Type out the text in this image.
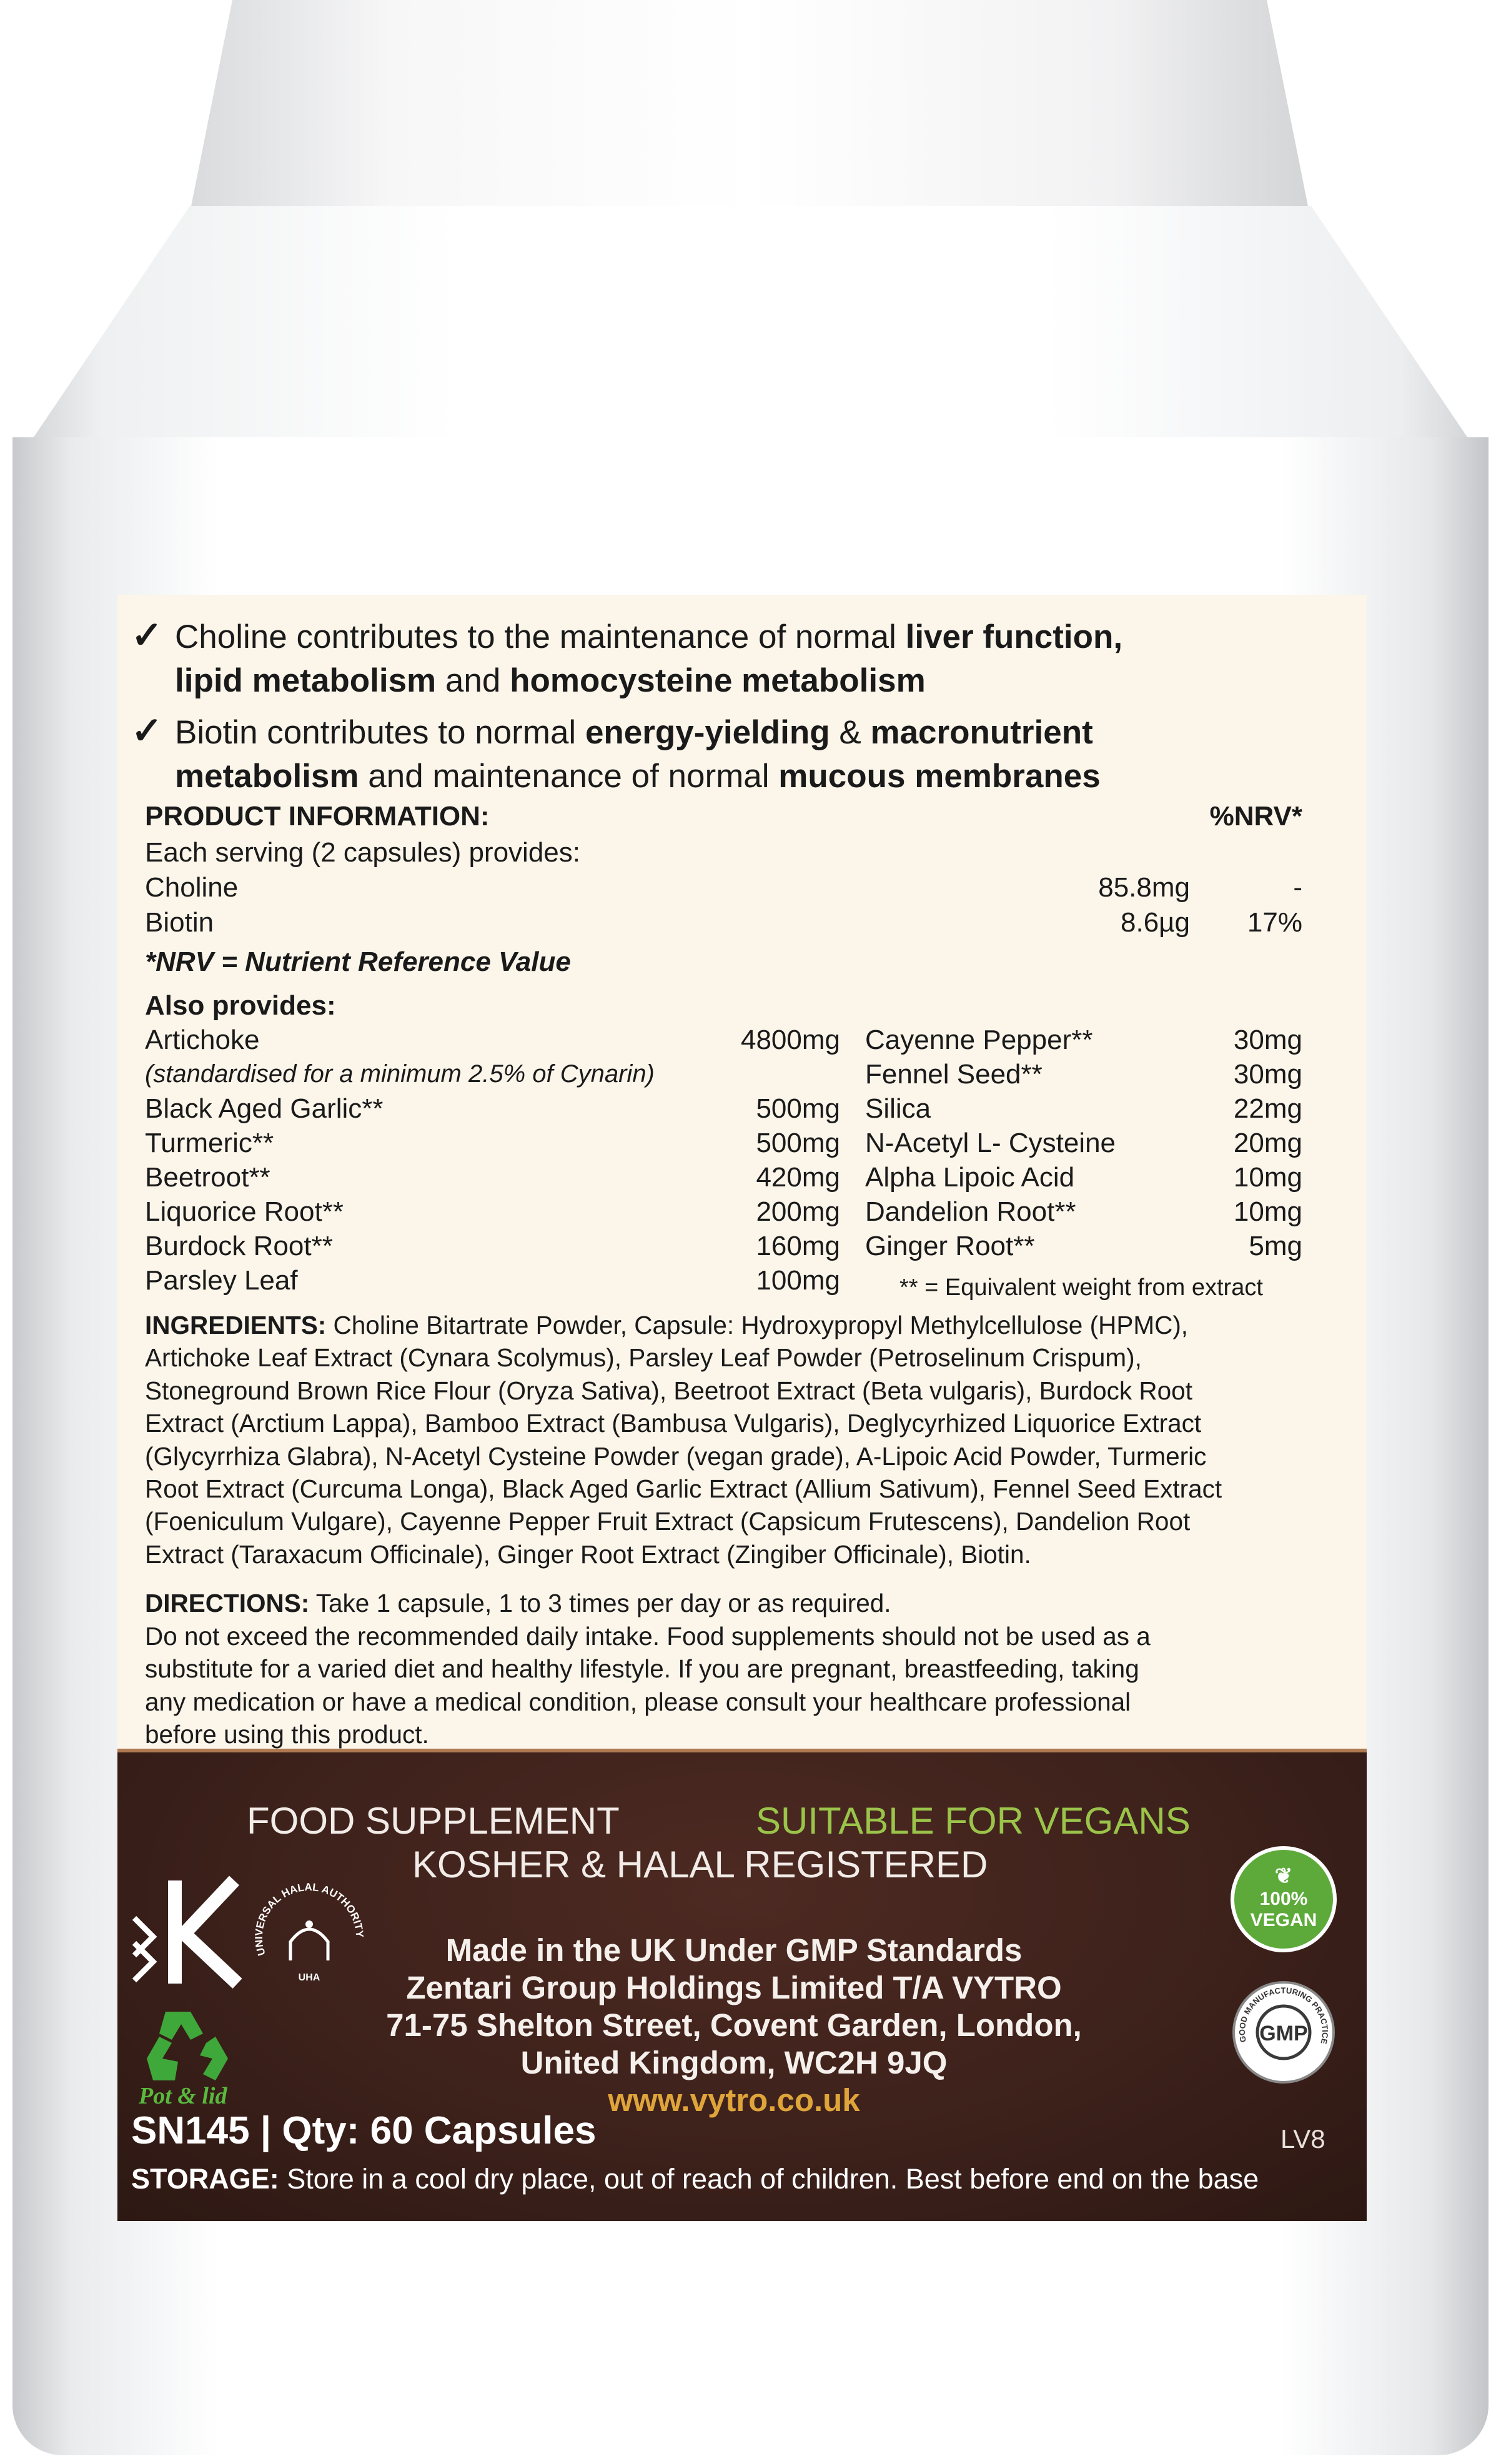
✓ Choline contributes to the maintenance of normal liver function,
lipid metabolism and homocysteine metabolism
✓ Biotin contributes to normal energy-yielding & macronutrient
metabolism and maintenance of normal mucous membranes
PRODUCT INFORMATION:	%NRV*
Each serving (2 capsules) provides:
Choline	85.8mg	-
Biotin	8.6µg	17%
*NRV = Nutrient Reference Value
Also provides:
Artichoke	4800mg
(standardised for a minimum 2.5% of Cynarin)
Black Aged Garlic**	500mg
Turmeric**	500mg
Beetroot**	420mg
Liquorice Root**	200mg
Burdock Root**	160mg
Parsley Leaf	100mg
Cayenne Pepper**	30mg
Fennel Seed**	30mg
Silica	22mg
N-Acetyl L- Cysteine	20mg
Alpha Lipoic Acid	10mg
Dandelion Root**	10mg
Ginger Root**	5mg
** = Equivalent weight from extract
INGREDIENTS: Choline Bitartrate Powder, Capsule: Hydroxypropyl Methylcellulose (HPMC),
Artichoke Leaf Extract (Cynara Scolymus), Parsley Leaf Powder (Petroselinum Crispum),
Stoneground Brown Rice Flour (Oryza Sativa), Beetroot Extract (Beta vulgaris), Burdock Root
Extract (Arctium Lappa), Bamboo Extract (Bambusa Vulgaris), Deglycyrhized Liquorice Extract
(Glycyrrhiza Glabra), N-Acetyl Cysteine Powder (vegan grade), A-Lipoic Acid Powder, Turmeric
Root Extract (Curcuma Longa), Black Aged Garlic Extract (Allium Sativum), Fennel Seed Extract
(Foeniculum Vulgare), Cayenne Pepper Fruit Extract (Capsicum Frutescens), Dandelion Root
Extract (Taraxacum Officinale), Ginger Root Extract (Zingiber Officinale), Biotin.
DIRECTIONS: Take 1 capsule, 1 to 3 times per day or as required.
Do not exceed the recommended daily intake. Food supplements should not be used as a
substitute for a varied diet and healthy lifestyle. If you are pregnant, breastfeeding, taking
any medication or have a medical condition, please consult your healthcare professional
before using this product.
FOOD SUPPLEMENT	SUITABLE FOR VEGANS
KOSHER & HALAL REGISTERED
UNIVERSAL HALAL AUTHORITY
UHA
Pot & lid
Made in the UK Under GMP Standards
Zentari Group Holdings Limited T/A VYTRO
71-75 Shelton Street, Covent Garden, London,
United Kingdom, WC2H 9JQ
www.vytro.co.uk
❦
100%
VEGAN
GOOD MANUFACTURING PRACTICE
GMP
SN145 | Qty: 60 Capsules	LV8
STORAGE: Store in a cool dry place, out of reach of children. Best before end on the base
